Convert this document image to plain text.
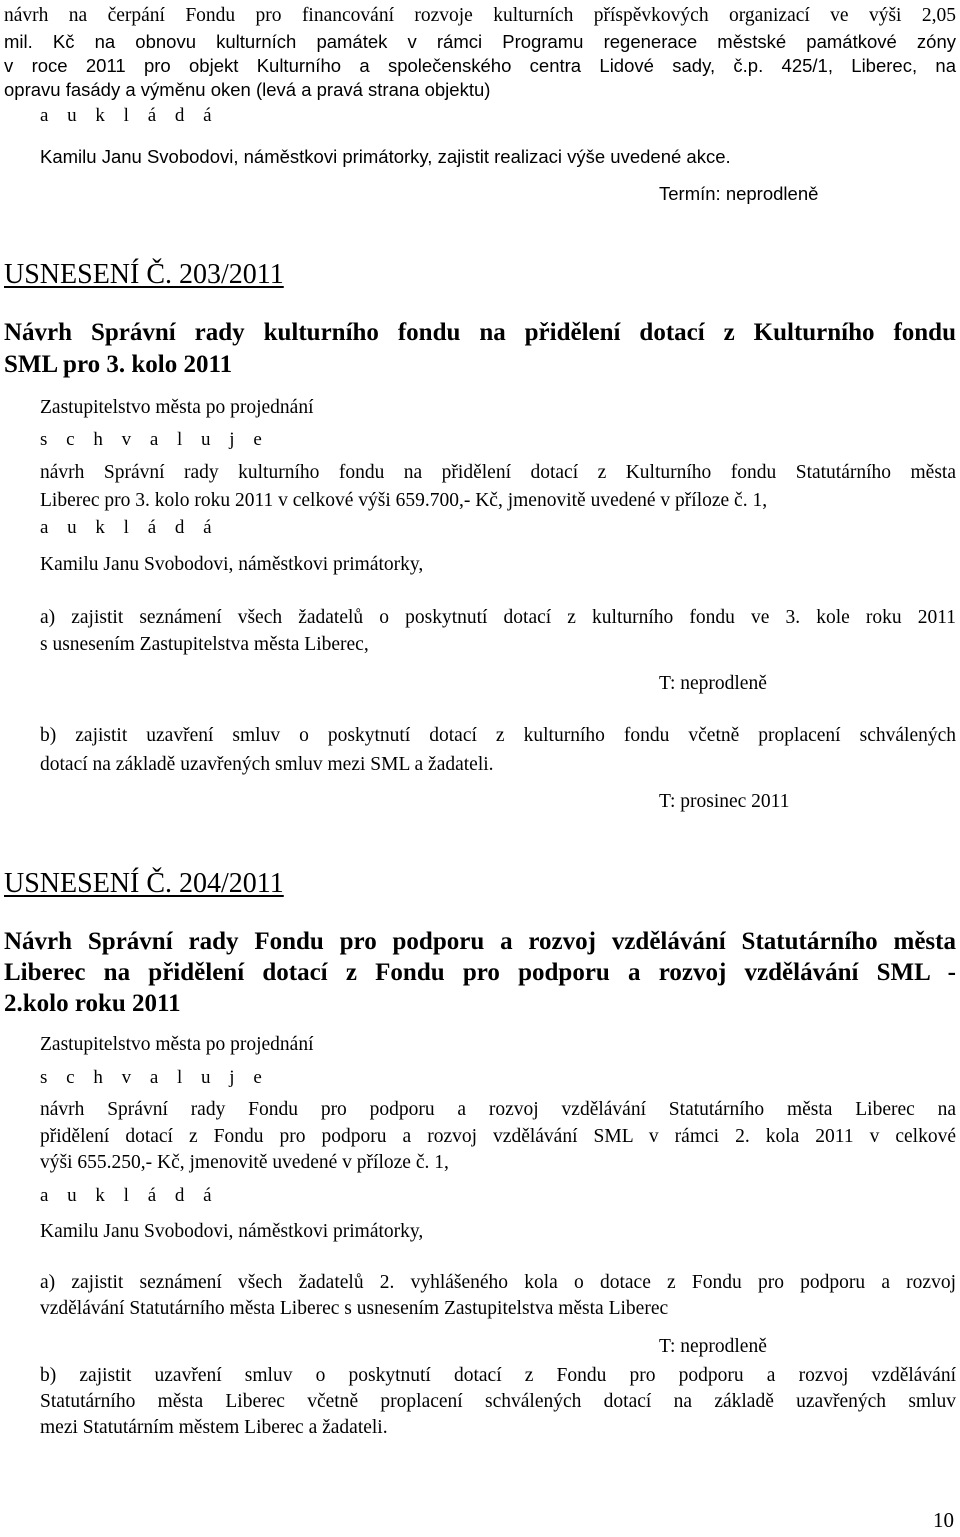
návrh na čerpání Fondu pro financování rozvoje kulturních příspěvkových organizací ve výši 2,05
mil. Kč na obnovu kulturních památek v rámci Programu regenerace městské památkové zóny
v roce 2011 pro objekt Kulturního a společenského centra Lidové sady, č.p. 425/1, Liberec, na
opravu fasády a výměnu oken (levá a pravá strana objektu)
a u k l á d á
Kamilu Janu Svobodovi, náměstkovi primátorky, zajistit realizaci výše uvedené akce.
Termín: neprodleně
USNESENÍ Č. 203/2011
Návrh Správní rady kulturního fondu na přidělení dotací z Kulturního fondu
SML pro 3. kolo 2011
Zastupitelstvo města po projednání
s c h v a l u j e
návrh Správní rady kulturního fondu na přidělení dotací z Kulturního fondu Statutárního města
Liberec pro 3. kolo roku 2011 v celkové výši 659.700,- Kč, jmenovitě uvedené v příloze č. 1,
a u k l á d á
Kamilu Janu Svobodovi, náměstkovi primátorky,
a) zajistit seznámení všech žadatelů o poskytnutí dotací z kulturního fondu ve 3. kole roku 2011
s usnesením Zastupitelstva města Liberec,
T: neprodleně
b) zajistit uzavření smluv o poskytnutí dotací z kulturního fondu včetně proplacení schválených
dotací na základě uzavřených smluv mezi SML a žadateli.
T: prosinec 2011
USNESENÍ Č. 204/2011
Návrh Správní rady Fondu pro podporu a rozvoj vzdělávání Statutárního města
Liberec na přidělení dotací z Fondu pro podporu a rozvoj vzdělávání SML -
2.kolo roku 2011
Zastupitelstvo města po projednání
s c h v a l u j e
návrh Správní rady Fondu pro podporu a rozvoj vzdělávání Statutárního města Liberec na
přidělení dotací z Fondu pro podporu a rozvoj vzdělávání SML v rámci 2. kola 2011 v celkové
výši 655.250,- Kč, jmenovitě uvedené v příloze č. 1,
a u k l á d á
Kamilu Janu Svobodovi, náměstkovi primátorky,
a) zajistit seznámení všech žadatelů 2. vyhlášeného kola o dotace z Fondu pro podporu a rozvoj
vzdělávání Statutárního města Liberec s usnesením Zastupitelstva města Liberec
T: neprodleně
b) zajistit uzavření smluv o poskytnutí dotací z Fondu pro podporu a rozvoj vzdělávání
Statutárního města Liberec včetně proplacení schválených dotací na základě uzavřených smluv
mezi Statutárním městem Liberec a žadateli.
10
